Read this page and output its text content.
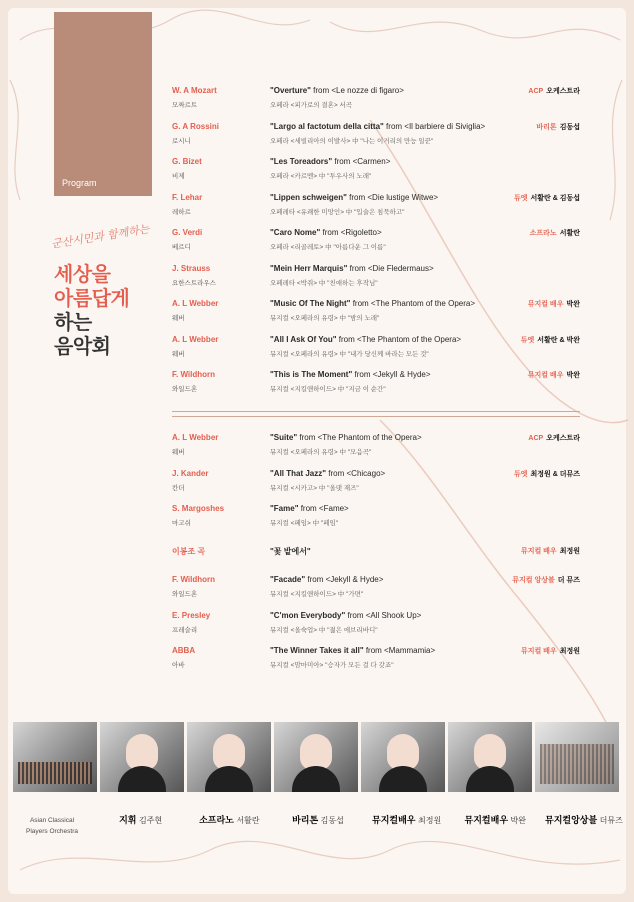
Program
군산시민과 함께하는
세상을
아름답게
하는
음악회
W. A Mozart
모짜르트
"Overture" from <Le nozze di figaro>
오페라 <피가로의 결혼> 서곡
ACP 오케스트라
G. A Rossini
로시니
"Largo al factotum della citta" from <Il barbiere di Siviglia>
오페라 <세빌리아의 이발사> 中 "나는 이거리의 만능 일꾼"
바리톤 김동섭
G. Bizet
비제
"Les Toreadors" from <Carmen>
오페라 <카르멘> 中 "투우사의 노래"
F. Lehar
레하르
"Lippen schweigen" from <Die lustige Witwe>
오페레타 <유쾌한 미망인> 中 "입술은 침묵하고"
듀엣 서활란 & 김동섭
G. Verdi
베르디
"Caro Nome" from <Rigoletto>
오페라 <리골레토> 中 "아름다운 그 이름"
소프라노 서활란
J. Strauss
요한스트라우스
"Mein Herr Marquis" from <Die Fledermaus>
오페레타 <박쥐> 中 "친애하는 후작님"
A. L Webber
웨버
"Music Of The Night" from <The Phantom of the Opera>
뮤지컬 <오페라의 유령> 中 "밤의 노래"
뮤지컬 배우 박완
A. L Webber
웨버
"All I Ask Of You" from <The Phantom of the Opera>
뮤지컬 <오페라의 유령> 中 "내가 당신께 바라는 모든 것"
듀엣 서활란 & 박완
F. Wildhorn
와일드혼
"This is The Moment" from <Jekyll & Hyde>
뮤지컬 <지킬앤하이드> 中 "지금 이 순간"
뮤지컬 배우 박완
A. L Webber
웨버
"Suite" from <The Phantom of the Opera>
뮤지컬 <오페라의 유령> 中 "모음곡"
ACP 오케스트라
J. Kander
칸더
"All That Jazz" from <Chicago>
뮤지컬 <시카고> 中 "올댓 재즈"
듀엣 최정원 & 더뮤즈
S. Margoshes
마고쉬
"Fame" from <Fame>
뮤지컬 <페임> 中 "페임"
이봉조 곡	"꽃 밭에서"	뮤지컬 배우 최정원
F. Wildhorn
와일드혼
"Facade" from <Jekyll & Hyde>
뮤지컬 <지킬앤하이드> 中 "가면"
뮤지컬 앙상블 더 뮤즈
E. Presley
프레슬리
"C'mon Everybody" from <All Shook Up>
뮤지컬 <올슉업> 中 "젊은 에브리바디"
ABBA
아바
"The Winner Takes it all" from <Mammamia>
뮤지컬 <맘마미아> "승자가 모든 걸 다 갖죠"
뮤지컬 배우 최정원
Asian Classical
Players Orchestra
지휘 김주현	소프라노 서활란	바리톤 김동섭	뮤지컬배우 최정원	뮤지컬배우 박완	뮤지컬앙상블 더뮤즈
